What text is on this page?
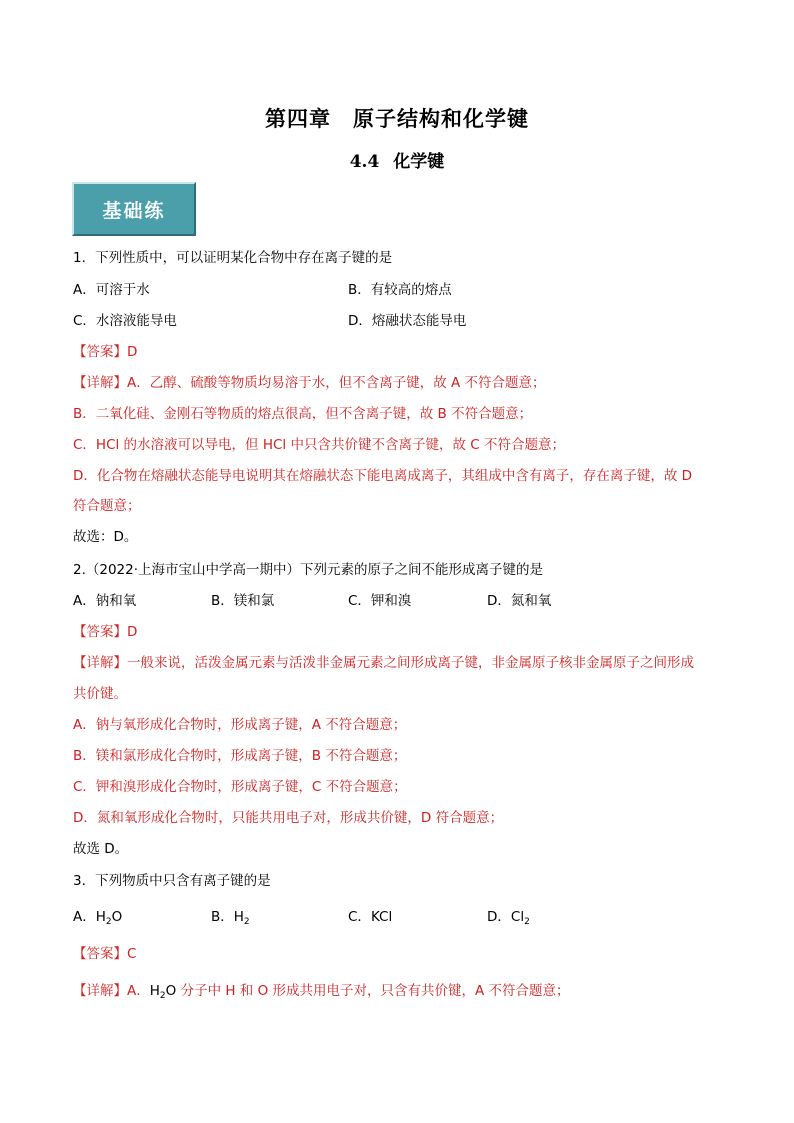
第四章　原子结构和化学键
4.4 化学键
基础练
1．下列性质中，可以证明某化合物中存在离子键的是
A．可溶于水	B．有较高的熔点
C．水溶液能导电	D．熔融状态能导电
【答案】D
【详解】A．乙醇、硫酸等物质均易溶于水，但不含离子键，故 A 不符合题意；
B．二氧化硅、金刚石等物质的熔点很高，但不含离子键，故 B 不符合题意；
C．HCl 的水溶液可以导电，但 HCl 中只含共价键不含离子键，故 C 不符合题意；
D．化合物在熔融状态能导电说明其在熔融状态下能电离成离子，其组成中含有离子，存在离子键，故 D
符合题意；
故选：D。
2.（2022·上海市宝山中学高一期中）下列元素的原子之间不能形成离子键的是
A．钠和氧	B．镁和氯	C．钾和溴	D．氮和氧
【答案】D
【详解】一般来说，活泼金属元素与活泼非金属元素之间形成离子键，非金属原子核非金属原子之间形成
共价键。
A．钠与氧形成化合物时，形成离子键，A 不符合题意；
B．镁和氯形成化合物时，形成离子键，B 不符合题意；
C．钾和溴形成化合物时，形成离子键，C 不符合题意；
D．氮和氧形成化合物时，只能共用电子对，形成共价键，D 符合题意；
故选 D。
3．下列物质中只含有离子键的是
A．$H_2O$	B．$H_2$	C．KCl	D．$Cl_2$
【答案】C
【详解】A．$H_2O$ 分子中 H 和 O 形成共用电子对，只含有共价键，A 不符合题意；
